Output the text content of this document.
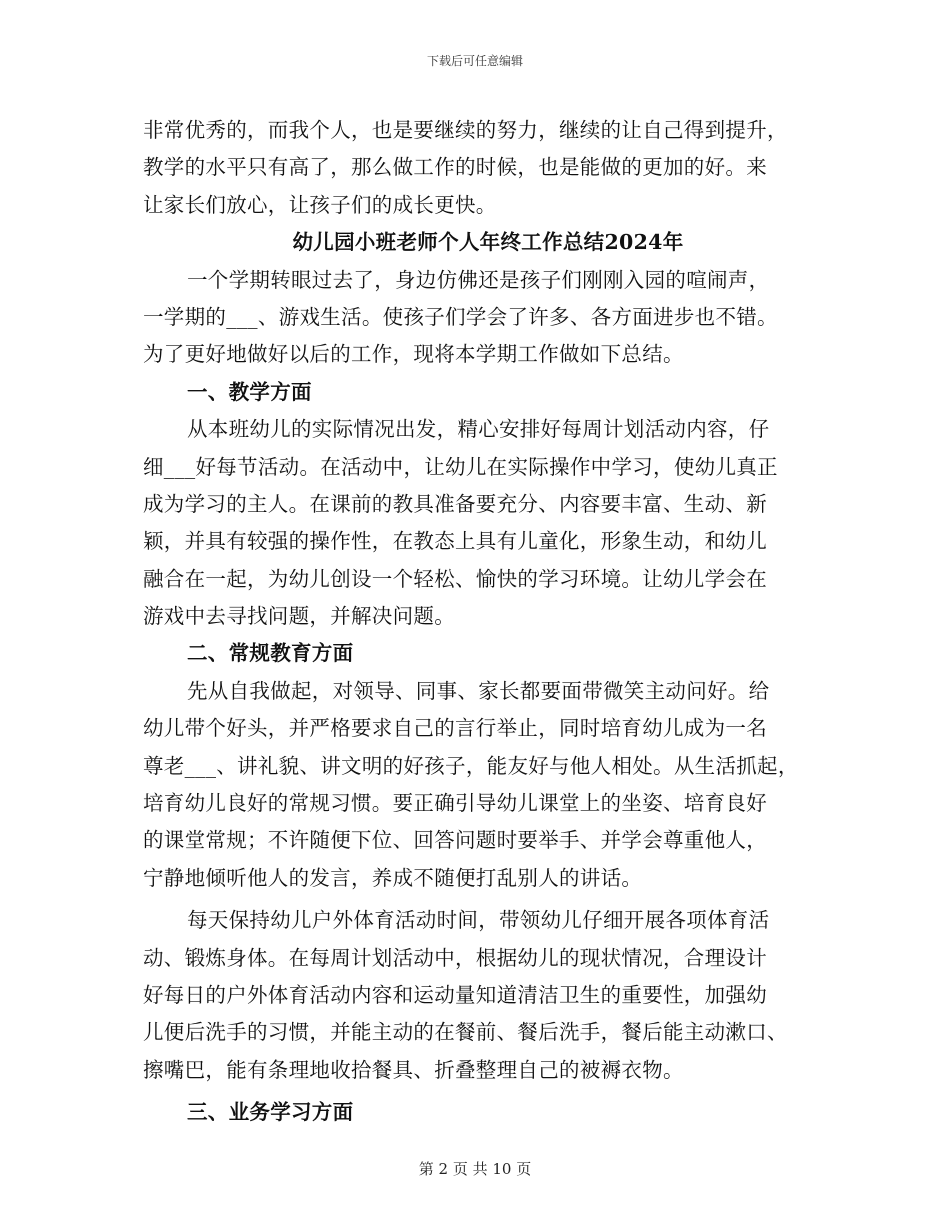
下载后可任意编辑
非常优秀的，而我个人，也是要继续的努力，继续的让自己得到提升，
教学的水平只有高了，那么做工作的时候，也是能做的更加的好。来
让家长们放心，让孩子们的成长更快。
幼儿园小班老师个人年终工作总结2024年
一个学期转眼过去了，身边仿佛还是孩子们刚刚入园的喧闹声，
一学期的___、游戏生活。使孩子们学会了许多、各方面进步也不错。
为了更好地做好以后的工作，现将本学期工作做如下总结。
一、教学方面
从本班幼儿的实际情况出发，精心安排好每周计划活动内容，仔
细___好每节活动。在活动中，让幼儿在实际操作中学习，使幼儿真正
成为学习的主人。在课前的教具准备要充分、内容要丰富、生动、新
颖，并具有较强的操作性，在教态上具有儿童化，形象生动，和幼儿
融合在一起，为幼儿创设一个轻松、愉快的学习环境。让幼儿学会在
游戏中去寻找问题，并解决问题。
二、常规教育方面
先从自我做起，对领导、同事、家长都要面带微笑主动问好。给
幼儿带个好头，并严格要求自己的言行举止，同时培育幼儿成为一名
尊老___、讲礼貌、讲文明的好孩子，能友好与他人相处。从生活抓起，
培育幼儿良好的常规习惯。要正确引导幼儿课堂上的坐姿、培育良好
的课堂常规；不许随便下位、回答问题时要举手、并学会尊重他人，
宁静地倾听他人的发言，养成不随便打乱别人的讲话。
每天保持幼儿户外体育活动时间，带领幼儿仔细开展各项体育活
动、锻炼身体。在每周计划活动中，根据幼儿的现状情况，合理设计
好每日的户外体育活动内容和运动量知道清洁卫生的重要性，加强幼
儿便后洗手的习惯，并能主动的在餐前、餐后洗手，餐后能主动漱口、
擦嘴巴，能有条理地收拾餐具、折叠整理自己的被褥衣物。
三、业务学习方面
第 2 页 共 10 页
